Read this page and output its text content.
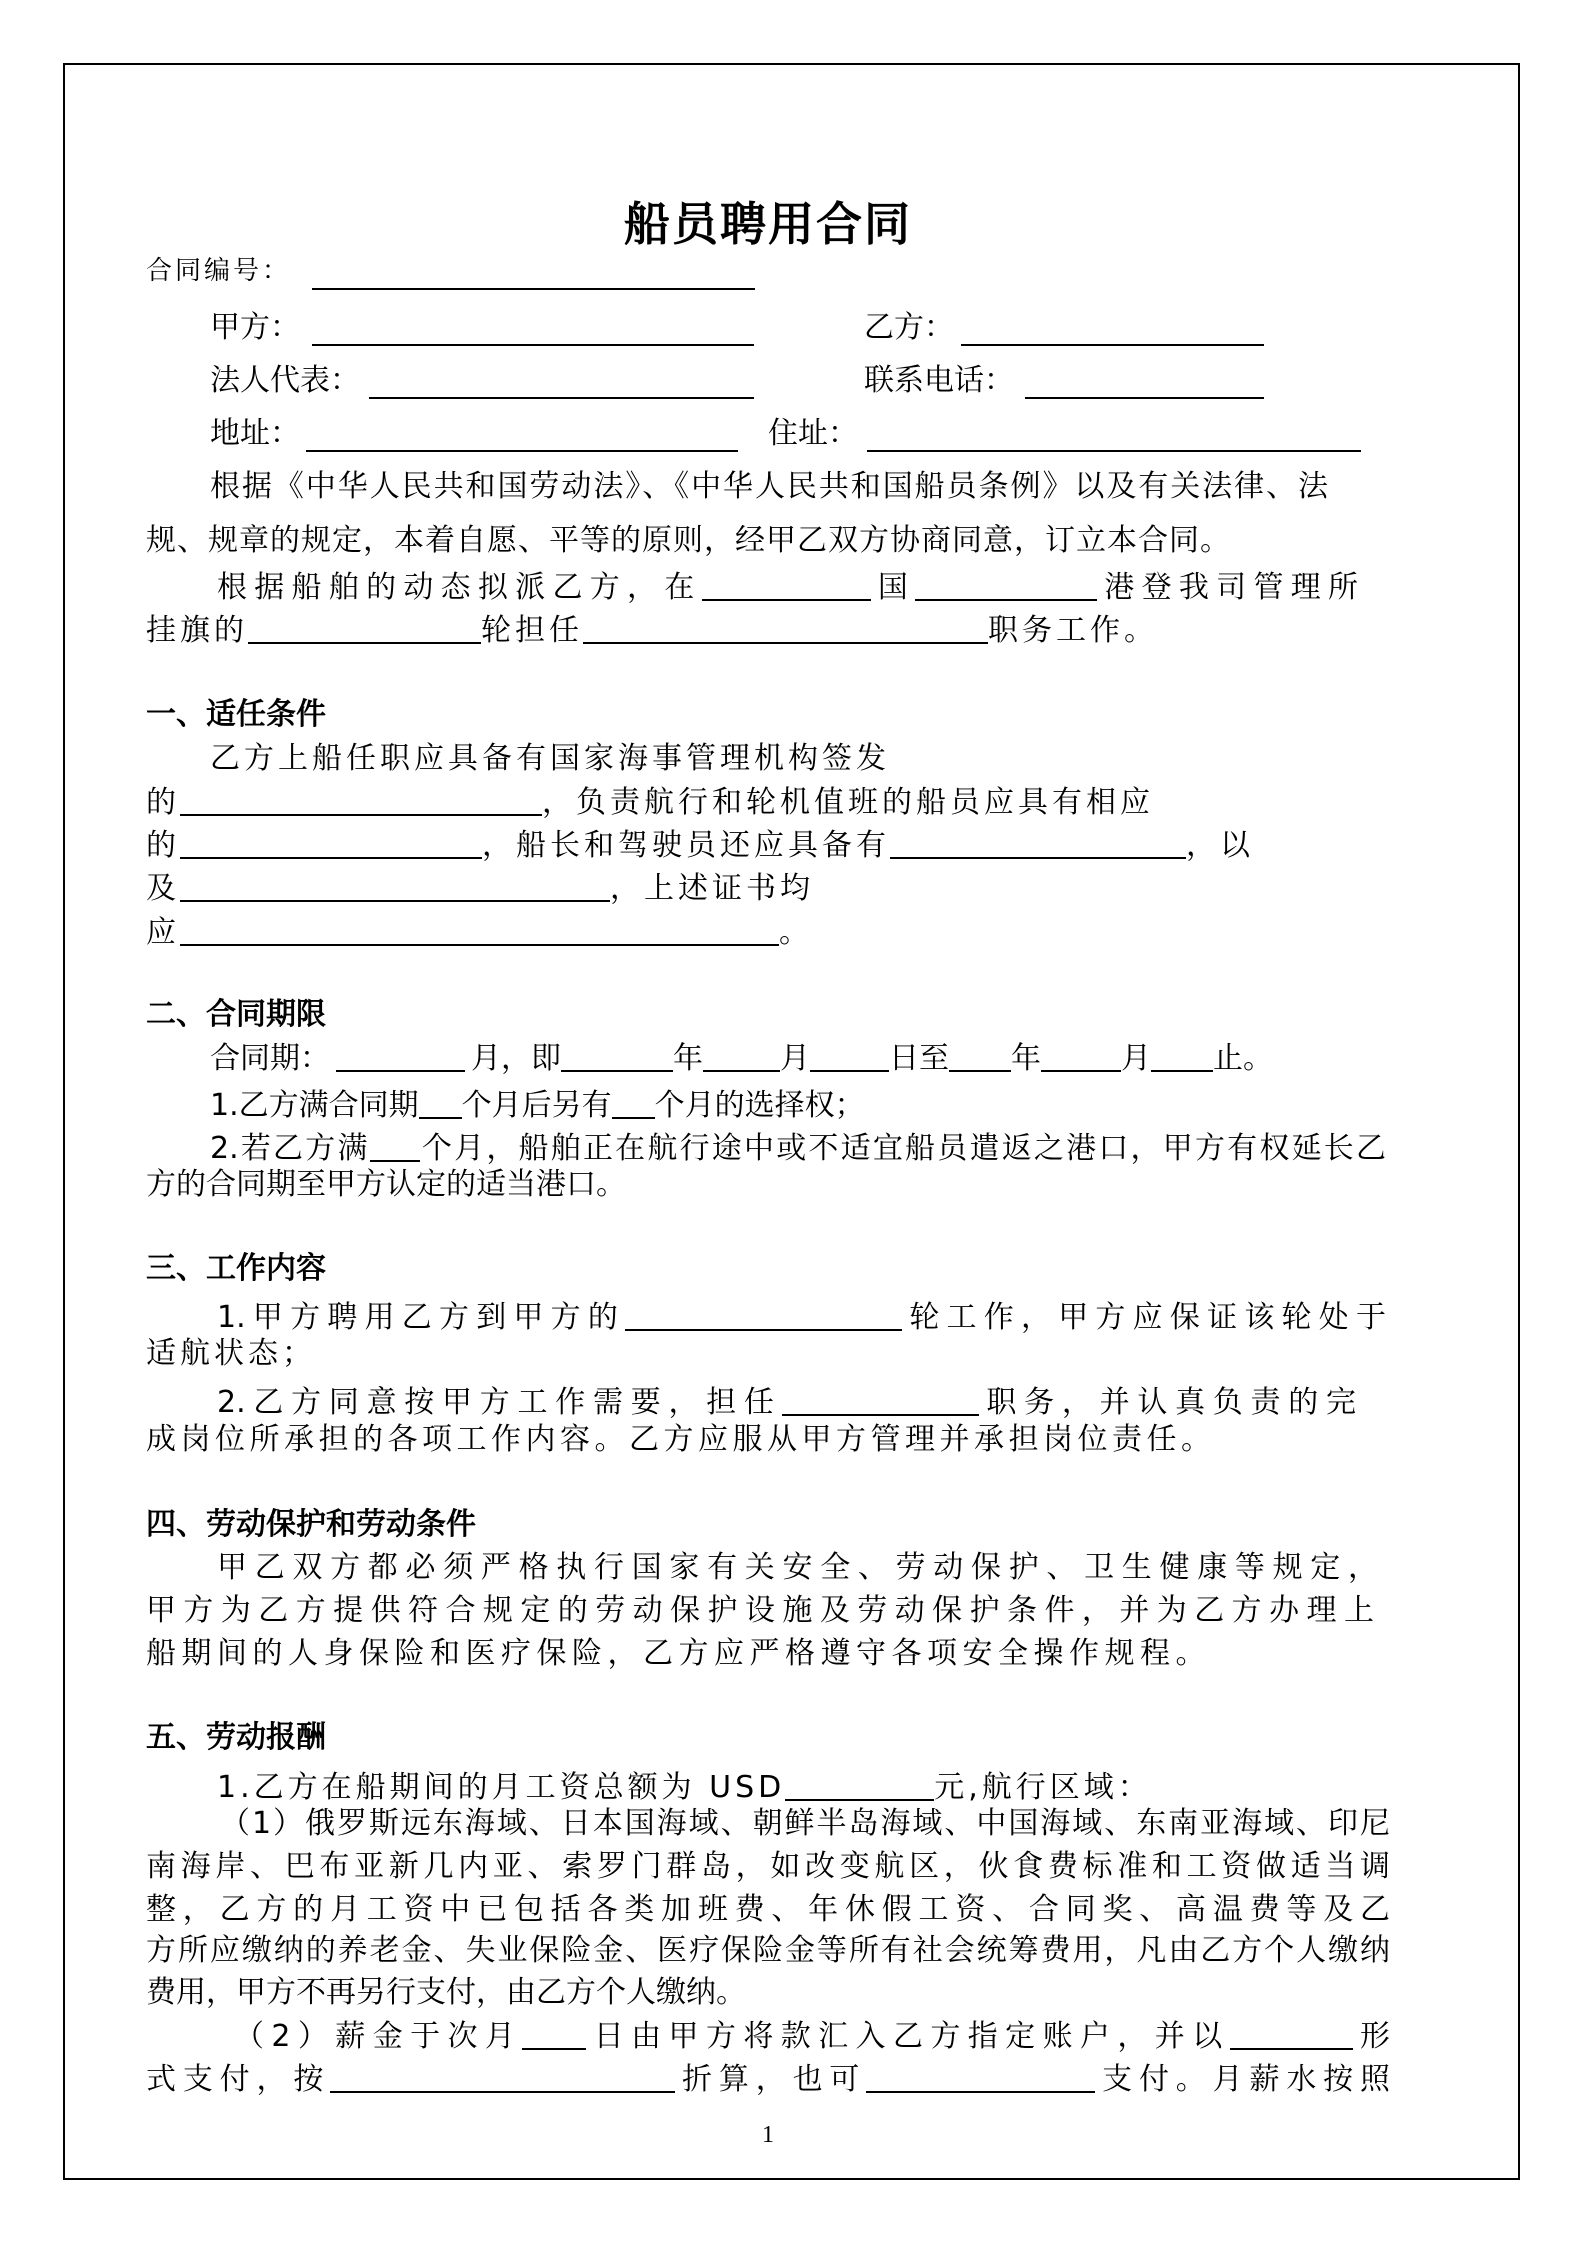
船员聘用合同
合同编号：
甲方：	乙方：
法人代表：	联系电话：
地址：	住址：
根据《中华人民共和国劳动法》、《中华人民共和国船员条例》以及有关法律、法
规、规章的规定，本着自愿、平等的原则，经甲乙双方协商同意，订立本合同。
根据船舶的动态拟派乙方，在	国	港登我司管理所
挂旗的	轮担任	职务工作。
一、适任条件
乙方上船任职应具备有国家海事管理机构签发
的	，负责航行和轮机值班的船员应具有相应
的	，船长和驾驶员还应具备有	，以
及	，上述证书均
应	。
二、合同期限
合同期：	月，即	年	月	日至 年	月 止。
1.乙方满合同期 个月后另有 个月的选择权；
2.若乙方满 个月，船舶正在航行途中或不适宜船员遣返之港口，甲方有权延长乙
方的合同期至甲方认定的适当港口。
三、工作内容
1.甲方聘用乙方到甲方的	轮工作，甲方应保证该轮处于
适航状态；
2.乙方同意按甲方工作需要，担任	职务，并认真负责的完
成岗位所承担的各项工作内容。乙方应服从甲方管理并承担岗位责任。
四、劳动保护和劳动条件
甲乙双方都必须严格执行国家有关安全、劳动保护、卫生健康等规定，
甲方为乙方提供符合规定的劳动保护设施及劳动保护条件，并为乙方办理上
船期间的人身保险和医疗保险，乙方应严格遵守各项安全操作规程。
五、劳动报酬
1.乙方在船期间的月工资总额为 USD	元,航行区域：
（1）俄罗斯远东海域、日本国海域、朝鲜半岛海域、中国海域、东南亚海域、印尼
南海岸、巴布亚新几内亚、索罗门群岛，如改变航区，伙食费标准和工资做适当调
整，乙方的月工资中已包括各类加班费、年休假工资、合同奖、高温费等及乙
方所应缴纳的养老金、失业保险金、医疗保险金等所有社会统筹费用，凡由乙方个人缴纳
费用，甲方不再另行支付，由乙方个人缴纳。
（2）薪金于次月 日由甲方将款汇入乙方指定账户，并以	形
式支付，按	折算，也可	支付。月薪水按照
1
